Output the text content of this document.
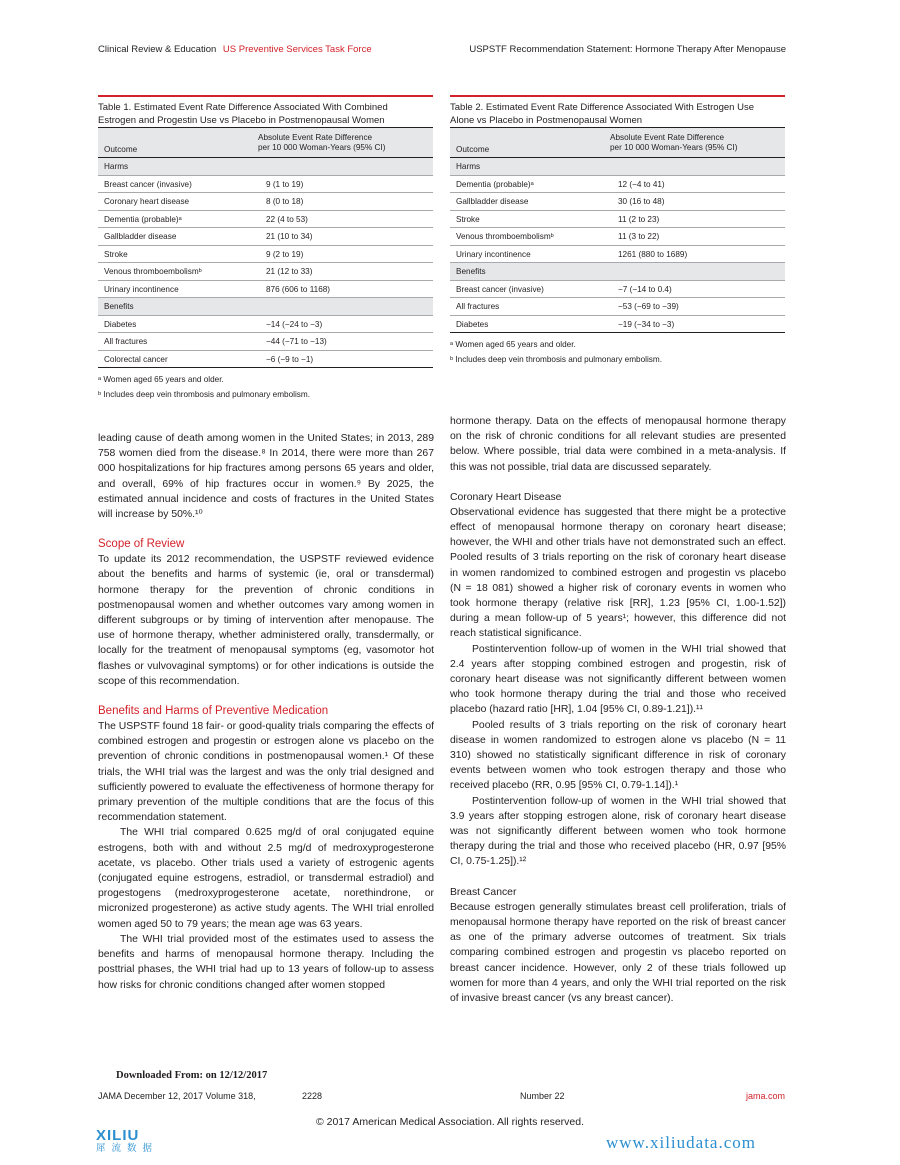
Clinical Review & Education US Preventive Services Task Force	USPSTF Recommendation Statement: Hormone Therapy After Menopause
Table 1. Estimated Event Rate Difference Associated With Combined
Estrogen and Progestin Use vs Placebo in Postmenopausal Women
Outcome
Absolute Event Rate Difference
per 10 000 Woman-Years (95% CI)
Harms
Breast cancer (invasive)	9 (1 to 19)
Coronary heart disease	8 (0 to 18)
Dementia (probable)ᵃ	22 (4 to 53)
Gallbladder disease	21 (10 to 34)
Stroke	9 (2 to 19)
Venous thromboembolismᵇ	21 (12 to 33)
Urinary incontinence	876 (606 to 1168)
Benefits
Diabetes	−14 (−24 to −3)
All fractures	−44 (−71 to −13)
Colorectal cancer	−6 (−9 to −1)
ᵃ Women aged 65 years and older.
ᵇ Includes deep vein thrombosis and pulmonary embolism.
Table 2. Estimated Event Rate Difference Associated With Estrogen Use
Alone vs Placebo in Postmenopausal Women
Outcome
Absolute Event Rate Difference
per 10 000 Woman-Years (95% CI)
Harms
Dementia (probable)ᵃ	12 (−4 to 41)
Gallbladder disease	30 (16 to 48)
Stroke	11 (2 to 23)
Venous thromboembolismᵇ	11 (3 to 22)
Urinary incontinence	1261 (880 to 1689)
Benefits
Breast cancer (invasive)	−7 (−14 to 0.4)
All fractures	−53 (−69 to −39)
Diabetes	−19 (−34 to −3)
ᵃ Women aged 65 years and older.
ᵇ Includes deep vein thrombosis and pulmonary embolism.

leading cause of death among women in the United States; in 2013, 289 758 women died from the disease.⁸ In 2014, there were more than 267 000 hospitalizations for hip fractures among persons 65 years and older, and overall, 69% of hip fractures occur in women.⁹ By 2025, the estimated annual incidence and costs of fractures in the United States will increase by 50%.¹⁰

Scope of Review

To update its 2012 recommendation, the USPSTF reviewed evidence about the benefits and harms of systemic (ie, oral or transdermal) hormone therapy for the prevention of chronic conditions in postmenopausal women and whether outcomes vary among women in different subgroups or by timing of intervention after menopause. The use of hormone therapy, whether administered orally, transdermally, or locally for the treatment of menopausal symptoms (eg, vasomotor hot flashes or vulvovaginal symptoms) or for other indications is outside the scope of this recommendation.

Benefits and Harms of Preventive Medication

The USPSTF found 18 fair- or good-quality trials comparing the effects of combined estrogen and progestin or estrogen alone vs placebo on the prevention of chronic conditions in postmenopausal women.¹ Of these trials, the WHI trial was the largest and was the only trial designed and sufficiently powered to evaluate the effectiveness of hormone therapy for primary prevention of the multiple conditions that are the focus of this recommendation statement.

The WHI trial compared 0.625 mg/d of oral conjugated equine estrogens, both with and without 2.5 mg/d of medroxyprogesterone acetate, vs placebo. Other trials used a variety of estrogenic agents (conjugated equine estrogens, estradiol, or transdermal estradiol) and progestogens (medroxyprogesterone acetate, norethindrone, or micronized progesterone) as active study agents. The WHI trial enrolled women aged 50 to 79 years; the mean age was 63 years.

The WHI trial provided most of the estimates used to assess the benefits and harms of menopausal hormone therapy. Including the posttrial phases, the WHI trial had up to 13 years of follow-up to assess how risks for chronic conditions changed after women stopped

hormone therapy. Data on the effects of menopausal hormone therapy on the risk of chronic conditions for all relevant studies are presented below. Where possible, trial data were combined in a meta-analysis. If this was not possible, trial data are discussed separately.

Coronary Heart Disease

Observational evidence has suggested that there might be a protective effect of menopausal hormone therapy on coronary heart disease; however, the WHI and other trials have not demonstrated such an effect. Pooled results of 3 trials reporting on the risk of coronary heart disease in women randomized to combined estrogen and progestin vs placebo (N = 18 081) showed a higher risk of coronary events in women who took hormone therapy (relative risk [RR], 1.23 [95% CI, 1.00-1.52]) during a mean follow-up of 5 years¹; however, this difference did not reach statistical significance.

Postintervention follow-up of women in the WHI trial showed that 2.4 years after stopping combined estrogen and progestin, risk of coronary heart disease was not significantly different between women who took hormone therapy during the trial and those who received placebo (hazard ratio [HR], 1.04 [95% CI, 0.89-1.21]).¹¹

Pooled results of 3 trials reporting on the risk of coronary heart disease in women randomized to estrogen alone vs placebo (N = 11 310) showed no statistically significant difference in risk of coronary events between women who took estrogen therapy and those who received placebo (RR, 0.95 [95% CI, 0.79-1.14]).¹

Postintervention follow-up of women in the WHI trial showed that 3.9 years after stopping estrogen alone, risk of coronary heart disease was not significantly different between women who took hormone therapy during the trial and those who received placebo (HR, 0.97 [95% CI, 0.75-1.25]).¹²

Breast Cancer

Because estrogen generally stimulates breast cell proliferation, trials of menopausal hormone therapy have reported on the risk of breast cancer as one of the primary adverse outcomes of treatment. Six trials comparing combined estrogen and progestin vs placebo reported on breast cancer incidence. However, only 2 of these trials followed up women for more than 4 years, and only the WHI trial reported on the risk of invasive breast cancer (vs any breast cancer).

Downloaded From: on 12/12/2017
JAMA December 12, 2017 Volume 318,	2228	Number 22	jama.com
© 2017 American Medical Association. All rights reserved.
XILIU
犀流数据	www.xiliudata.com
